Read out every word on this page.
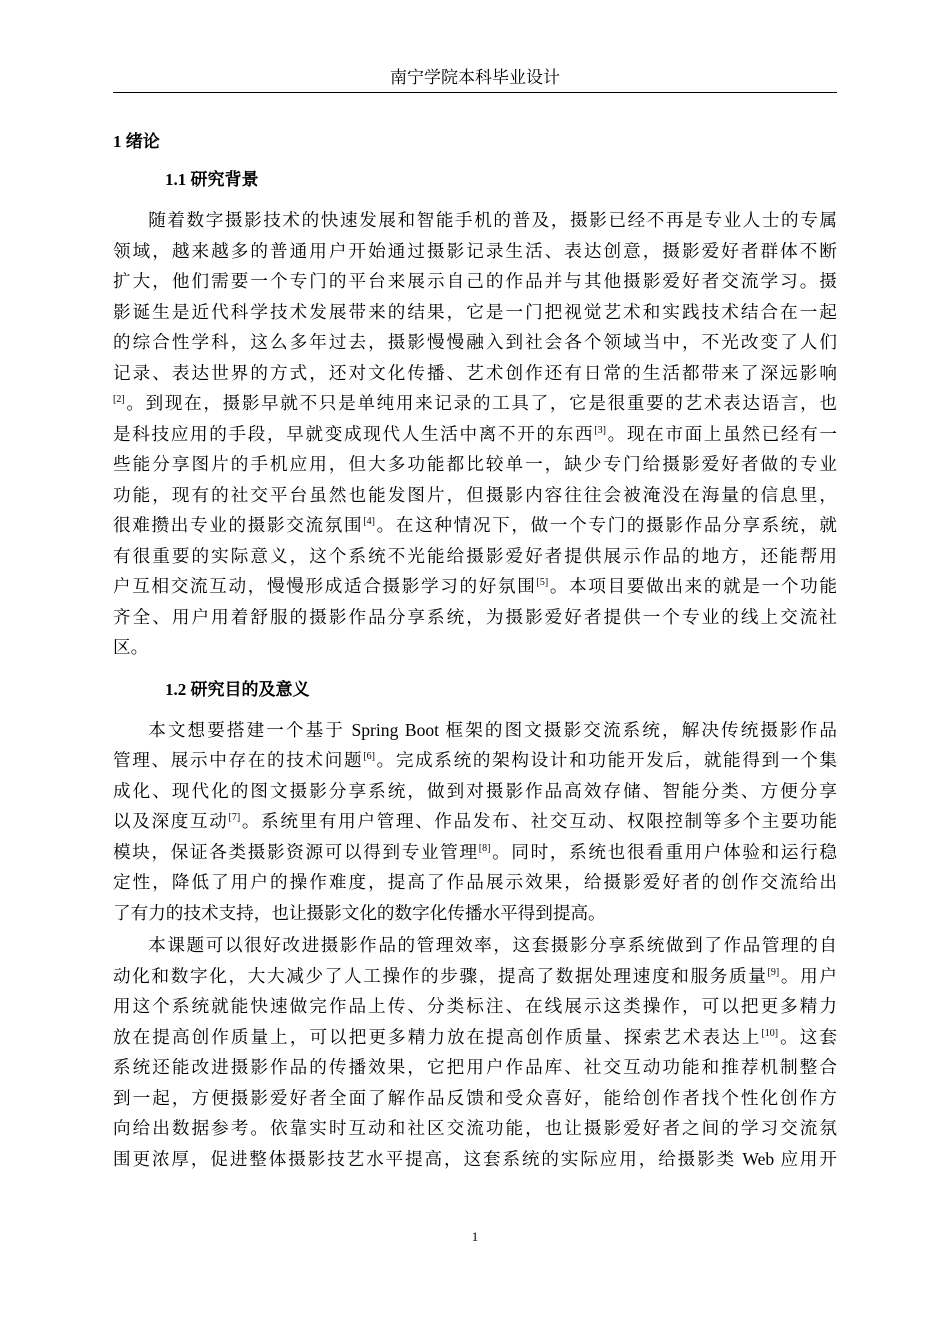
南宁学院本科毕业设计
1 绪论
1.1 研究背景
随着数字摄影技术的快速发展和智能手机的普及，摄影已经不再是专业人士的专属
领域，越来越多的普通用户开始通过摄影记录生活、表达创意，摄影爱好者群体不断
扩大，他们需要一个专门的平台来展示自己的作品并与其他摄影爱好者交流学习。摄
影诞生是近代科学技术发展带来的结果，它是一门把视觉艺术和实践技术结合在一起
的综合性学科，这么多年过去，摄影慢慢融入到社会各个领域当中，不光改变了人们
记录、表达世界的方式，还对文化传播、艺术创作还有日常的生活都带来了深远影响
[2]。到现在，摄影早就不只是单纯用来记录的工具了，它是很重要的艺术表达语言，也
是科技应用的手段，早就变成现代人生活中离不开的东西[3]。现在市面上虽然已经有一
些能分享图片的手机应用，但大多功能都比较单一，缺少专门给摄影爱好者做的专业
功能，现有的社交平台虽然也能发图片，但摄影内容往往会被淹没在海量的信息里，
很难攒出专业的摄影交流氛围[4]。在这种情况下，做一个专门的摄影作品分享系统，就
有很重要的实际意义，这个系统不光能给摄影爱好者提供展示作品的地方，还能帮用
户互相交流互动，慢慢形成适合摄影学习的好氛围[5]。本项目要做出来的就是一个功能
齐全、用户用着舒服的摄影作品分享系统，为摄影爱好者提供一个专业的线上交流社
区。
1.2 研究目的及意义
本文想要搭建一个基于 Spring Boot 框架的图文摄影交流系统，解决传统摄影作品
管理、展示中存在的技术问题[6]。完成系统的架构设计和功能开发后，就能得到一个集
成化、现代化的图文摄影分享系统，做到对摄影作品高效存储、智能分类、方便分享
以及深度互动[7]。系统里有用户管理、作品发布、社交互动、权限控制等多个主要功能
模块，保证各类摄影资源可以得到专业管理[8]。同时，系统也很看重用户体验和运行稳
定性，降低了用户的操作难度，提高了作品展示效果，给摄影爱好者的创作交流给出
了有力的技术支持，也让摄影文化的数字化传播水平得到提高。
本课题可以很好改进摄影作品的管理效率，这套摄影分享系统做到了作品管理的自
动化和数字化，大大减少了人工操作的步骤，提高了数据处理速度和服务质量[9]。用户
用这个系统就能快速做完作品上传、分类标注、在线展示这类操作，可以把更多精力
放在提高创作质量上，可以把更多精力放在提高创作质量、探索艺术表达上[10]。这套
系统还能改进摄影作品的传播效果，它把用户作品库、社交互动功能和推荐机制整合
到一起，方便摄影爱好者全面了解作品反馈和受众喜好，能给创作者找个性化创作方
向给出数据参考。依靠实时互动和社区交流功能，也让摄影爱好者之间的学习交流氛
围更浓厚，促进整体摄影技艺水平提高，这套系统的实际应用，给摄影类 Web 应用开
1
